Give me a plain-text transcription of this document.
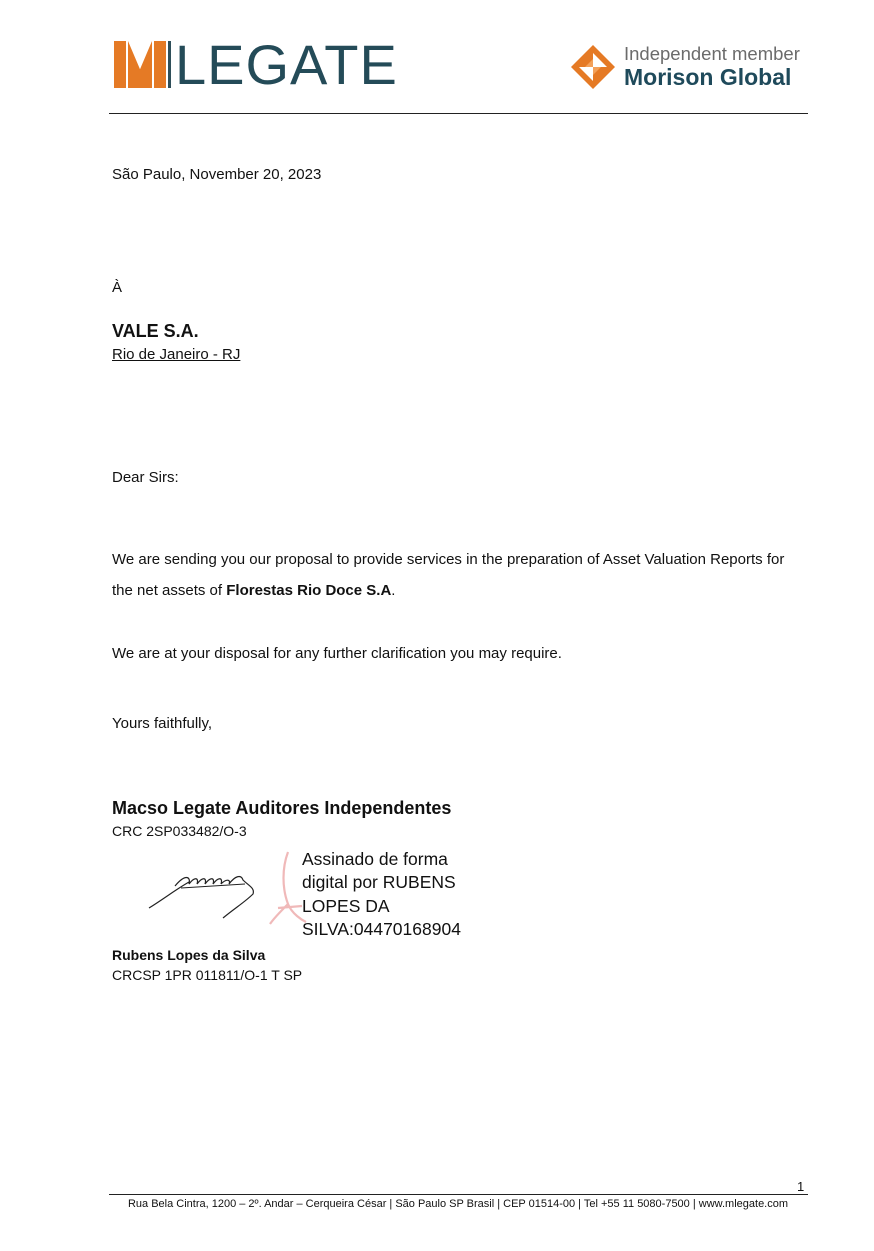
LEGATE	Independent member
Morison Global
São Paulo, November 20, 2023
À
VALE S.A.
Rio de Janeiro - RJ
Dear Sirs:
We are sending you our proposal to provide services in the preparation of Asset Valuation Reports for
the net assets of Florestas Rio Doce S.A.
We are at your disposal for any further clarification you may require.
Yours faithfully,
Macso Legate Auditores Independentes
CRC 2SP033482/O-3
Assinado de forma
digital por RUBENS
LOPES DA
SILVA:04470168904
Rubens Lopes da Silva
CRCSP 1PR 011811/O-1 T SP
1
Rua Bela Cintra, 1200 – 2º. Andar – Cerqueira César | São Paulo SP Brasil | CEP 01514-00 | Tel +55 11 5080-7500 | www.mlegate.com
